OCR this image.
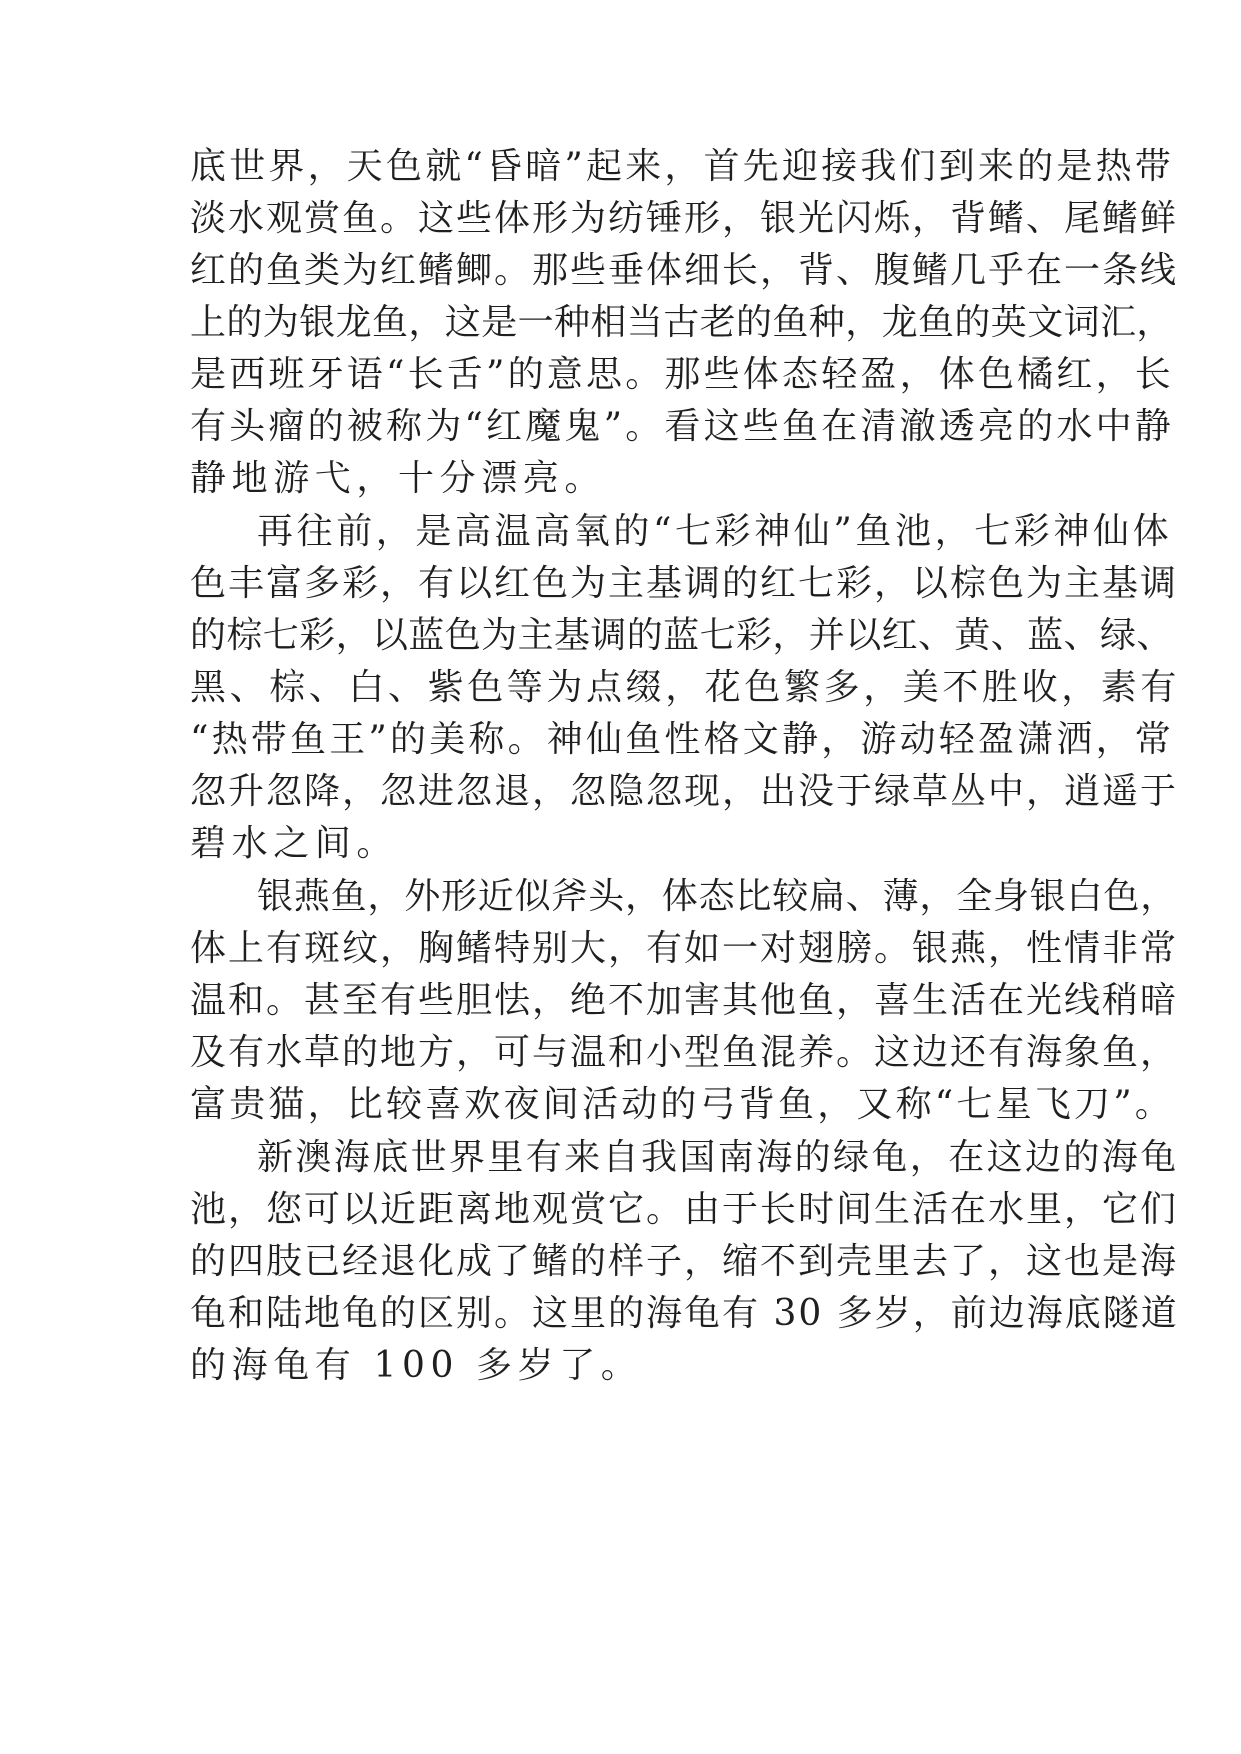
底世界，天色就“昏暗”起来，首先迎接我们到来的是热带
淡水观赏鱼。这些体形为纺锤形，银光闪烁，背鳍、尾鳍鲜
红的鱼类为红鳍鲫。那些垂体细长，背、腹鳍几乎在一条线
上的为银龙鱼，这是一种相当古老的鱼种，龙鱼的英文词汇，
是西班牙语“长舌”的意思。那些体态轻盈，体色橘红，长
有头瘤的被称为“红魔鬼”。看这些鱼在清澈透亮的水中静
静地游弋，十分漂亮。
再往前，是高温高氧的“七彩神仙”鱼池，七彩神仙体
色丰富多彩，有以红色为主基调的红七彩，以棕色为主基调
的棕七彩，以蓝色为主基调的蓝七彩，并以红、黄、蓝、绿、
黑、棕、白、紫色等为点缀，花色繁多，美不胜收，素有
“热带鱼王”的美称。神仙鱼性格文静，游动轻盈潇洒，常
忽升忽降，忽进忽退，忽隐忽现，出没于绿草丛中，逍遥于
碧水之间。
银燕鱼，外形近似斧头，体态比较扁、薄，全身银白色，
体上有斑纹，胸鳍特别大，有如一对翅膀。银燕，性情非常
温和。甚至有些胆怯，绝不加害其他鱼，喜生活在光线稍暗
及有水草的地方，可与温和小型鱼混养。这边还有海象鱼，
富贵猫，比较喜欢夜间活动的弓背鱼，又称“七星飞刀”。
新澳海底世界里有来自我国南海的绿龟，在这边的海龟
池，您可以近距离地观赏它。由于长时间生活在水里，它们
的四肢已经退化成了鳍的样子，缩不到壳里去了，这也是海
龟和陆地龟的区别。这里的海龟有 30 多岁，前边海底隧道
的海龟有 100 多岁了。
